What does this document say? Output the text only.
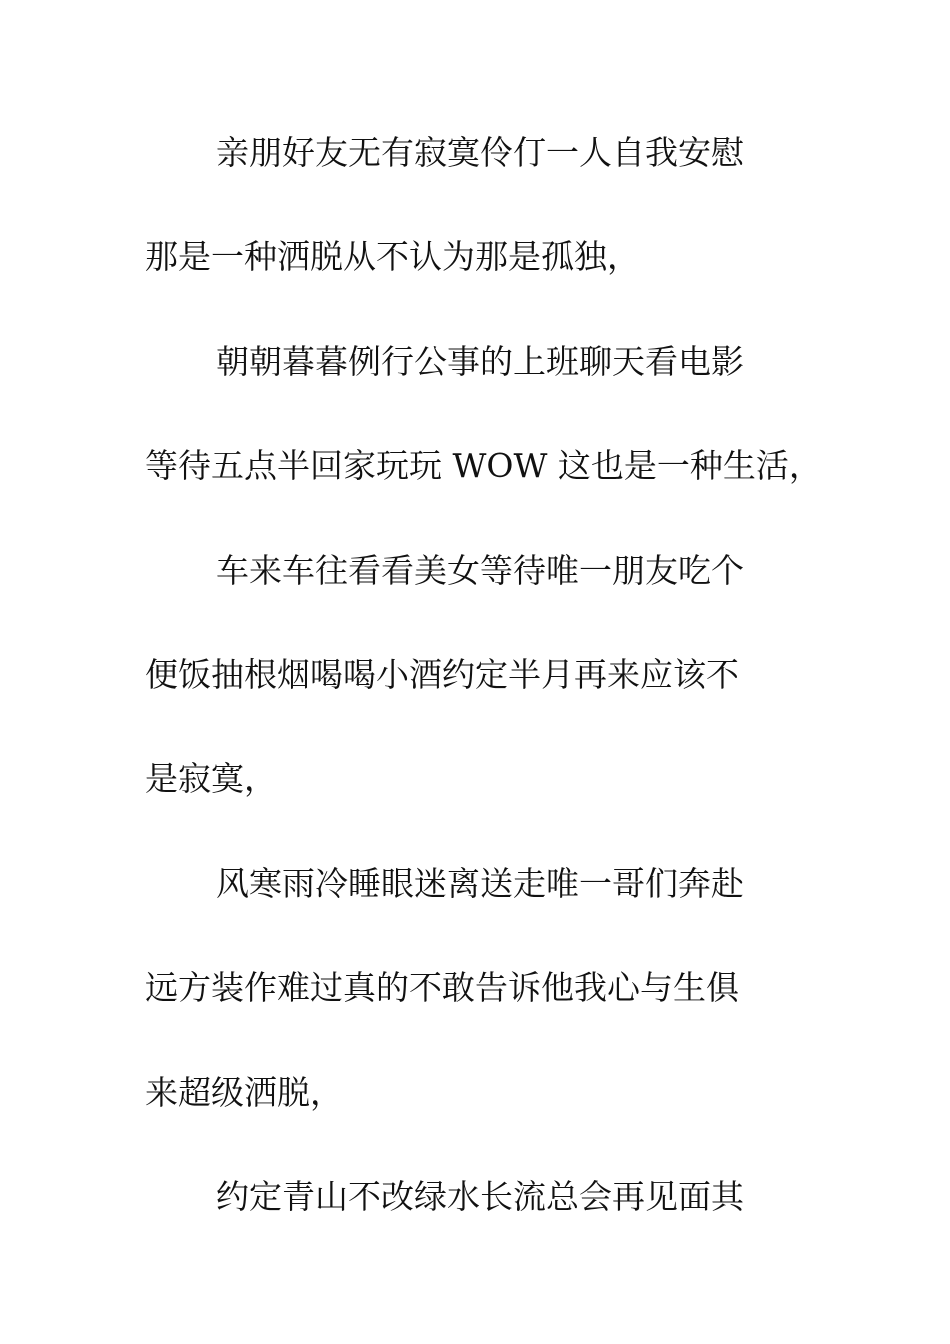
亲朋好友无有寂寞伶仃一人自我安慰
那是一种洒脱从不认为那是孤独，
朝朝暮暮例行公事的上班聊天看电影
等待五点半回家玩玩 WOW 这也是一种生活，
车来车往看看美女等待唯一朋友吃个
便饭抽根烟喝喝小酒约定半月再来应该不
是寂寞，
风寒雨冷睡眼迷离送走唯一哥们奔赴
远方装作难过真的不敢告诉他我心与生俱
来超级洒脱，
约定青山不改绿水长流总会再见面其
